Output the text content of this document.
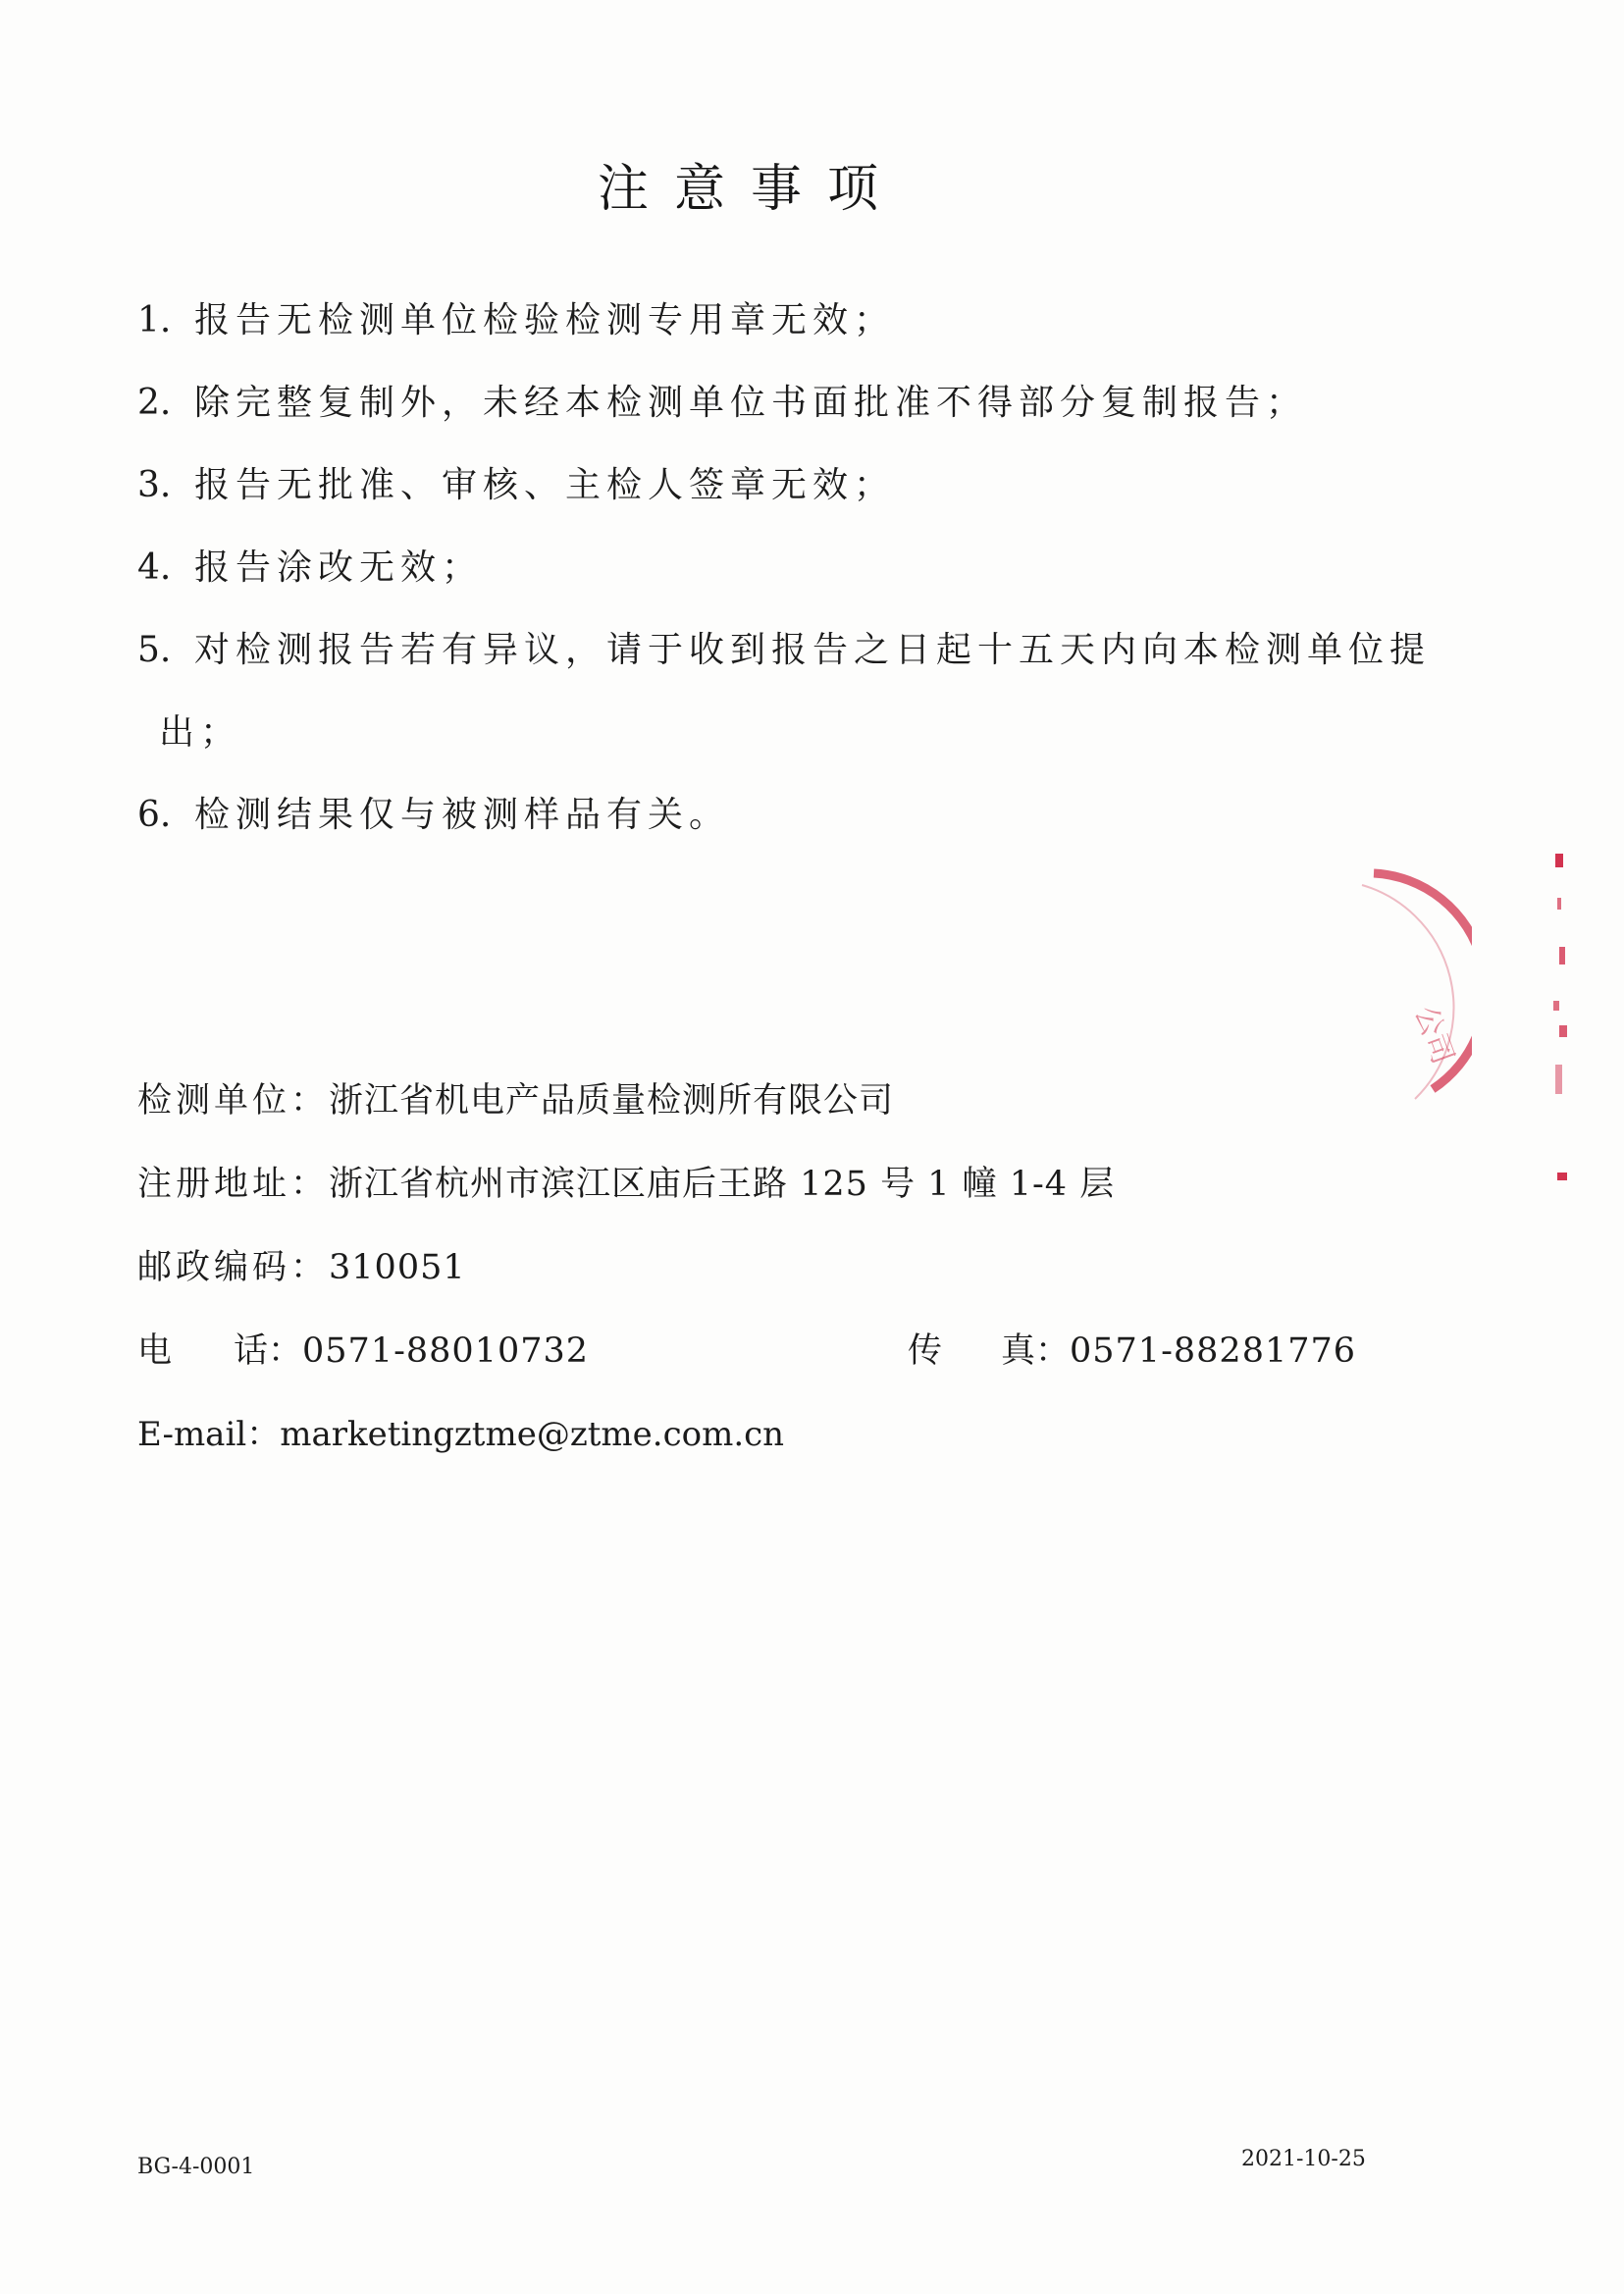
注意事项
1. 报告无检测单位检验检测专用章无效；
2. 除完整复制外，未经本检测单位书面批准不得部分复制报告；
3. 报告无批准、审核、主检人签章无效；
4. 报告涂改无效；
5. 对检测报告若有异议，请于收到报告之日起十五天内向本检测单位提
出；
6. 检测结果仅与被测样品有关。
检测单位：浙江省机电产品质量检测所有限公司
注册地址：浙江省杭州市滨江区庙后王路 125 号 1 幢 1-4 层
邮政编码：310051
电 话： 0571-88010732	传 真： 0571-88281776
E-mail：marketingztme@ztme.com.cn
公司
BG-4-0001	2021-10-25
